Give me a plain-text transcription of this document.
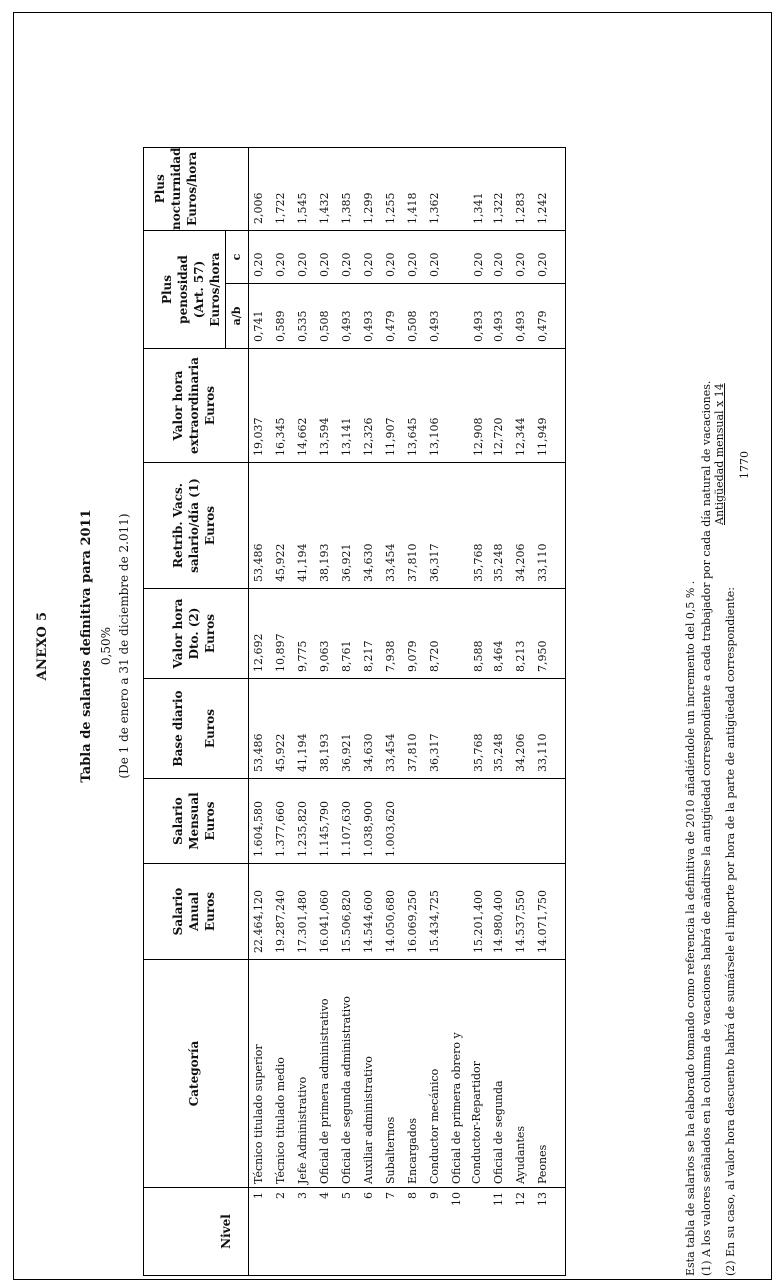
ANEXO 5 Tabla de salarios definitiva para 2011 0,50% (De 1 de enero a 31 de diciembre de 2.011)
Nivel	Categoría	Salario Anual Euros	Salario Mensual Euros	Base diario Euros	Valor hora Dto. (2) Euros	Retrib. Vacs. salario/día (1) Euros	Valor hora extraordinaria Euros	Plus penosidad (Art. 57) Euros/hora		Plus nocturnidad Euros/hora
								a/b	c	
1	Técnico titulado superior	22.464,120	1.604,580	53,486	12,692	53,486	19,037	0,741	0,20	2,006
2	Técnico titulado medio	19.287,240	1.377,660	45,922	10,897	45,922	16,345	0,589	0,20	1,722
3	Jefe Administrativo	17.301,480	1.235,820	41,194	9,775	41,194	14,662	0,535	0,20	1,545
4	Oficial de primera administrativo	16.041,060	1.145,790	38,193	9,063	38,193	13,594	0,508	0,20	1,432
5	Oficial de segunda administrativo	15.506,820	1.107,630	36,921	8,761	36,921	13,141	0,493	0,20	1,385
6	Auxiliar administrativo	14.544,600	1.038,900	34,630	8,217	34,630	12,326	0,493	0,20	1,299
7	Subalternos	14.050,680	1.003,620	33,454	7,938	33,454	11,907	0,479	0,20	1,255
8	Encargados	16.069,250		37,810	9,079	37,810	13,645	0,508	0,20	1,418
9	Conductor mecánico	15.434,725		36,317	8,720	36,317	13,106	0,493	0,20	1,362
10	Oficial de primera obrero y Conductor-Repartidor	15.201,400		35,768	8,588	35,768	12,908	0,493	0,20	1,341
11	Oficial de segunda	14.980,400		35,248	8,464	35,248	12,720	0,493	0,20	1,322
12	Ayudantes	14.537,550		34,206	8,213	34,206	12,344	0,493	0,20	1,283
13	Peones	14.071,750		33,110	7,950	33,110	11,949	0,479	0,20	1,242
Esta tabla de salarios se ha elaborado tomando como referencia la definitiva de 2010 añadiéndole un incremento del 0,5 % . (1) A los valores señalados en la columna de vacaciones habrá de añadirse la antigüedad correspondiente a cada trabajador por cada día natural de vacaciones. (2) En su caso, al valor hora descuento habrá de sumársele el importe por hora de la parte de antigüedad correspondiente:
Antigüedad mensual x 14 1770
